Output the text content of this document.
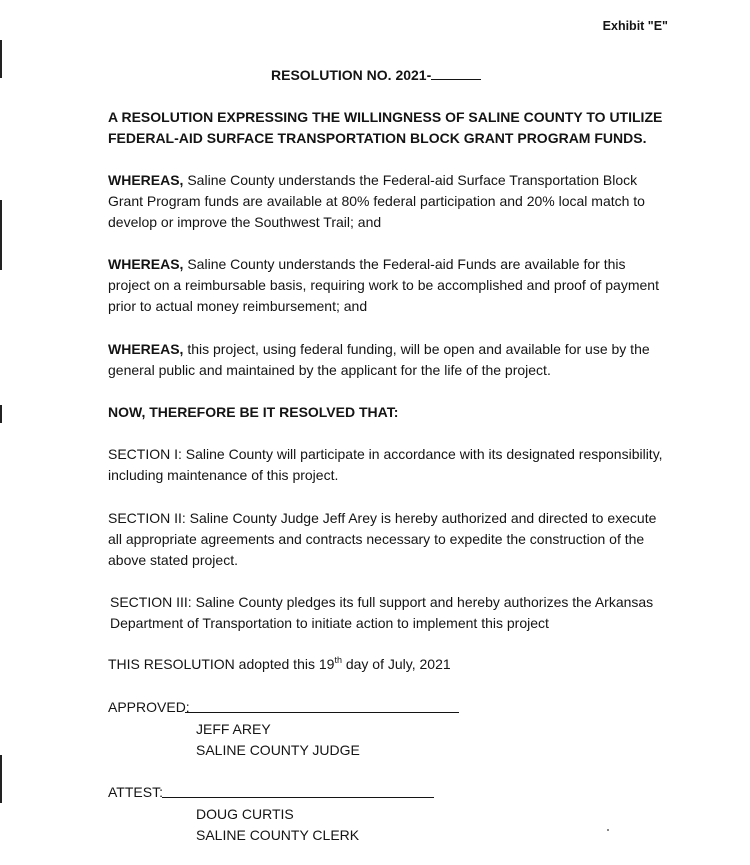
Exhibit "E"
RESOLUTION NO. 2021-

A RESOLUTION EXPRESSING THE WILLINGNESS OF SALINE COUNTY TO UTILIZE FEDERAL-AID SURFACE TRANSPORTATION BLOCK GRANT PROGRAM FUNDS.

WHEREAS, Saline County understands the Federal-aid Surface Transportation Block Grant Program funds are available at 80% federal participation and 20% local match to develop or improve the Southwest Trail; and

WHEREAS, Saline County understands the Federal-aid Funds are available for this project on a reimbursable basis, requiring work to be accomplished and proof of payment prior to actual money reimbursement; and

WHEREAS, this project, using federal funding, will be open and available for use by the general public and maintained by the applicant for the life of the project.

NOW, THEREFORE BE IT RESOLVED THAT:

SECTION I: Saline County will participate in accordance with its designated responsibility, including maintenance of this project.

SECTION II: Saline County Judge Jeff Arey is hereby authorized and directed to execute all appropriate agreements and contracts necessary to expedite the construction of the above stated project.

SECTION III: Saline County pledges its full support and hereby authorizes the Arkansas Department of Transportation to initiate action to implement this project

THIS RESOLUTION adopted this 19th day of July, 2021
APPROVED:
JEFF AREY
SALINE COUNTY JUDGE
ATTEST:
DOUG CURTIS
SALINE COUNTY CLERK
